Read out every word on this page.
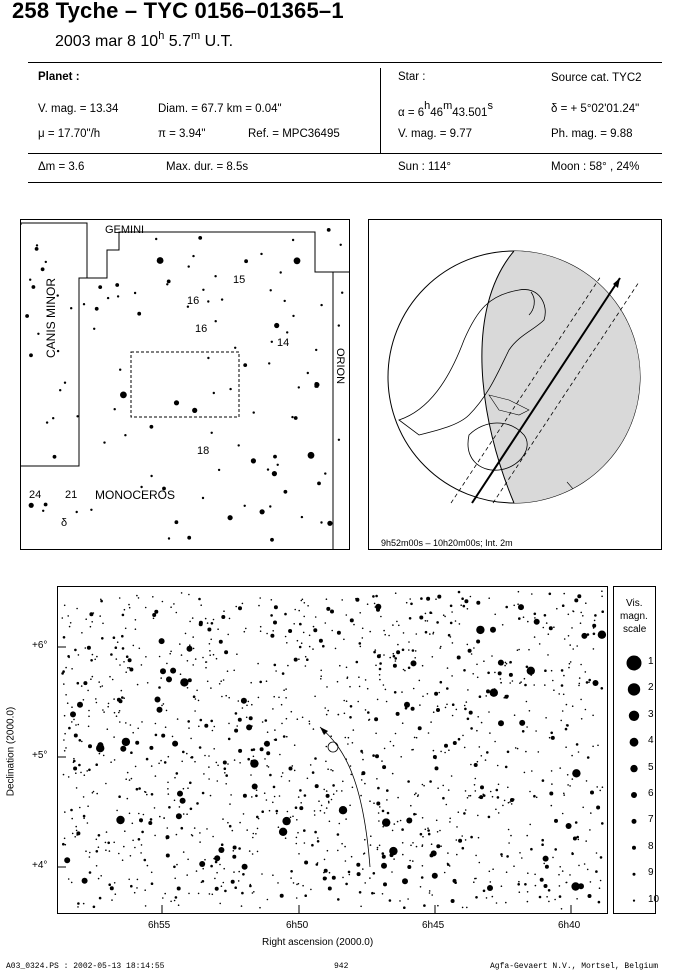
258 Tyche – TYC 0156–01365–1
2003 mar 8 10$^h$ 5.7$^m$ U.T.
Planet :
V. mag. = 13.34	Diam. = 67.7 km = 0.04"
μ = 17.70"/h	π = 3.94"	Ref. = MPC36495
Star :	Source cat. TYC2
α = 6h46m43.501s	δ = + 5°02'01.24"
V. mag. = 9.77	Ph. mag. = 9.88
Δm = 3.6	Max. dur. = 8.5s	Sun : 114°	Moon : 58° , 24%
GEMINI
CANIS MINOR
ORION
MONOCEROS
15
16
16
14
ε
18
24 21
δ
9h52m00s – 10h20m00s; Int. 2m
+6°
+5°
+4°
6h55	6h50	6h45	6h40
Right ascension (2000.0)
Declination (2000.0)
Vis.
magn.
scale
1
2
3
4
5
6
7
8
9
10
A03_0324.PS : 2002-05-13 18:14:55	942	Agfa-Gevaert N.V., Mortsel, Belgium
